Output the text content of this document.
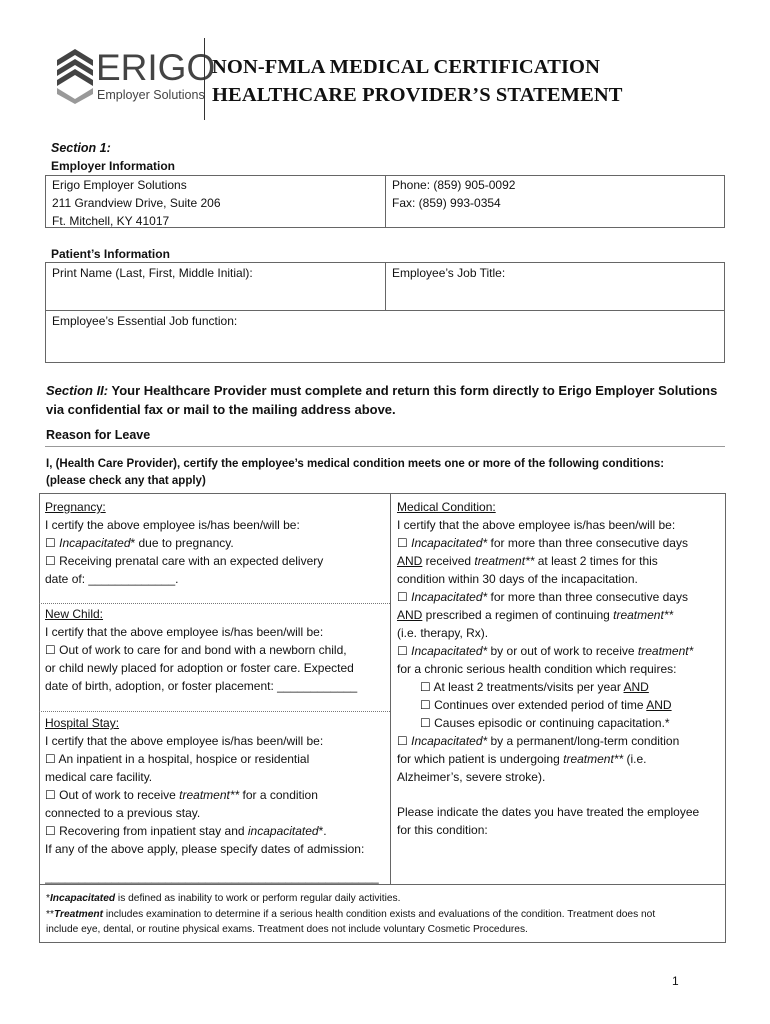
ERIGO
Employer Solutions
NON-FMLA MEDICAL CERTIFICATION
HEALTHCARE PROVIDER’S STATEMENT
Section 1:
Employer Information
Erigo Employer Solutions
211 Grandview Drive, Suite 206
Ft. Mitchell, KY 41017
Phone: (859) 905-0092
Fax: (859) 993-0354
Patient’s Information
Print Name (Last, First, Middle Initial):	Employee’s Job Title:
Employee’s Essential Job function:
Section II: Your Healthcare Provider must complete and return this form directly to Erigo Employer Solutions
via confidential fax or mail to the mailing address above.
Reason for Leave
I, (Health Care Provider), certify the employee’s medical condition meets one or more of the following conditions:
(please check any that apply)
Pregnancy:
I certify the above employee is/has been/will be:
☐ Incapacitated* due to pregnancy.
☐ Receiving prenatal care with an expected delivery
date of: _____________.
New Child:
I certify that the above employee is/has been/will be:
☐ Out of work to care for and bond with a newborn child,
or child newly placed for adoption or foster care. Expected
date of birth, adoption, or foster placement: ____________
Hospital Stay:
I certify that the above employee is/has been/will be:
☐ An inpatient in a hospital, hospice or residential
medical care facility.
☐ Out of work to receive treatment** for a condition
connected to a previous stay.
☐ Recovering from inpatient stay and incapacitated*.
If any of the above apply, please specify dates of admission:
__________________________________________________
Medical Condition:
I certify that the above employee is/has been/will be:
☐ Incapacitated* for more than three consecutive days
AND received treatment** at least 2 times for this
condition within 30 days of the incapacitation.
☐ Incapacitated* for more than three consecutive days
AND prescribed a regimen of continuing treatment**
(i.e. therapy, Rx).
☐ Incapacitated* by or out of work to receive treatment*
for a chronic serious health condition which requires:
☐ At least 2 treatments/visits per year AND
☐ Continues over extended period of time AND
☐ Causes episodic or continuing capacitation.*
☐ Incapacitated* by a permanent/long-term condition
for which patient is undergoing treatment** (i.e.
Alzheimer’s, severe stroke).
Please indicate the dates you have treated the employee
for this condition:
*Incapacitated is defined as inability to work or perform regular daily activities.
**Treatment includes examination to determine if a serious health condition exists and evaluations of the condition. Treatment does not
include eye, dental, or routine physical exams. Treatment does not include voluntary Cosmetic Procedures.
1
